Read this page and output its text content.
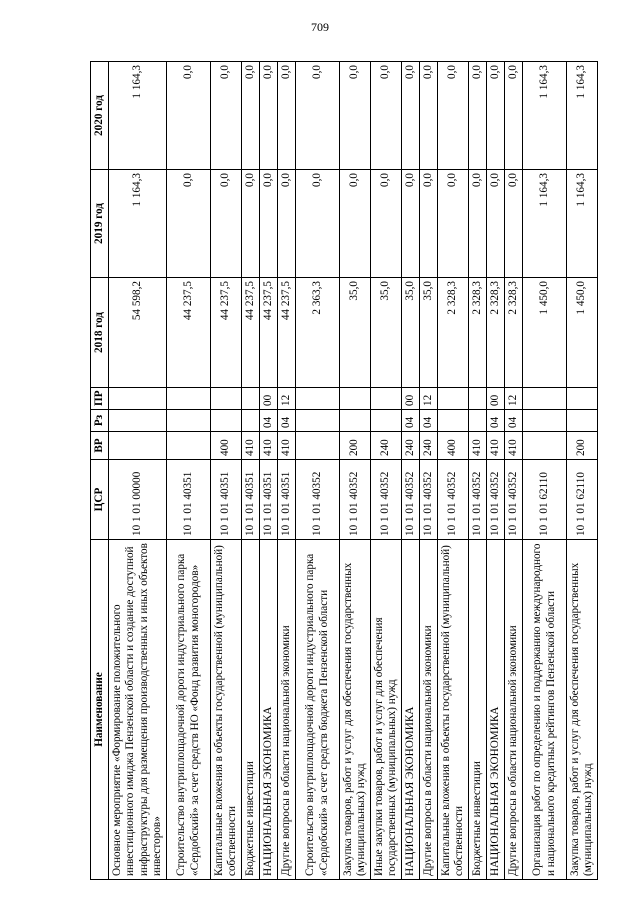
709
Наименование	ЦСР	ВР	Рз	ПР	2018 год	2019 год	2020 год
Основное мероприятие «Формирование положительного инвестиционного имиджа Пензенской области и создание доступной инфраструктуры для размещения производственных и иных объектов инвесторов»	10 1 01 00000				54 598,2	1 164,3	1 164,3
Строительство внутриплощадочной дороги индустриального парка «Сердобский» за счет средств НО «Фонд развития моногородов»	10 1 01 40351				44 237,5	0,0	0,0
Капитальные вложения в объекты государственной (муниципальной) собственности	10 1 01 40351	400			44 237,5	0,0	0,0
Бюджетные инвестиции	10 1 01 40351	410			44 237,5	0,0	0,0
НАЦИОНАЛЬНАЯ ЭКОНОМИКА	10 1 01 40351	410	04	00	44 237,5	0,0	0,0
Другие вопросы в области национальной экономики	10 1 01 40351	410	04	12	44 237,5	0,0	0,0
Строительство внутриплощадочной дороги индустриального парка «Сердобский» за счет средств бюджета Пензенской области	10 1 01 40352				2 363,3	0,0	0,0
Закупка товаров, работ и услуг для обеспечения государственных (муниципальных) нужд	10 1 01 40352	200			35,0	0,0	0,0
Иные закупки товаров, работ и услуг для обеспечения государственных (муниципальных) нужд	10 1 01 40352	240			35,0	0,0	0,0
НАЦИОНАЛЬНАЯ ЭКОНОМИКА	10 1 01 40352	240	04	00	35,0	0,0	0,0
Другие вопросы в области национальной экономики	10 1 01 40352	240	04	12	35,0	0,0	0,0
Капитальные вложения в объекты государственной (муниципальной) собственности	10 1 01 40352	400			2 328,3	0,0	0,0
Бюджетные инвестиции	10 1 01 40352	410			2 328,3	0,0	0,0
НАЦИОНАЛЬНАЯ ЭКОНОМИКА	10 1 01 40352	410	04	00	2 328,3	0,0	0,0
Другие вопросы в области национальной экономики	10 1 01 40352	410	04	12	2 328,3	0,0	0,0
Организация работ по определению и поддержанию международного и национального кредитных рейтингов Пензенской области	10 1 01 62110				1 450,0	1 164,3	1 164,3
Закупка товаров, работ и услуг для обеспечения государственных (муниципальных) нужд	10 1 01 62110	200			1 450,0	1 164,3	1 164,3
